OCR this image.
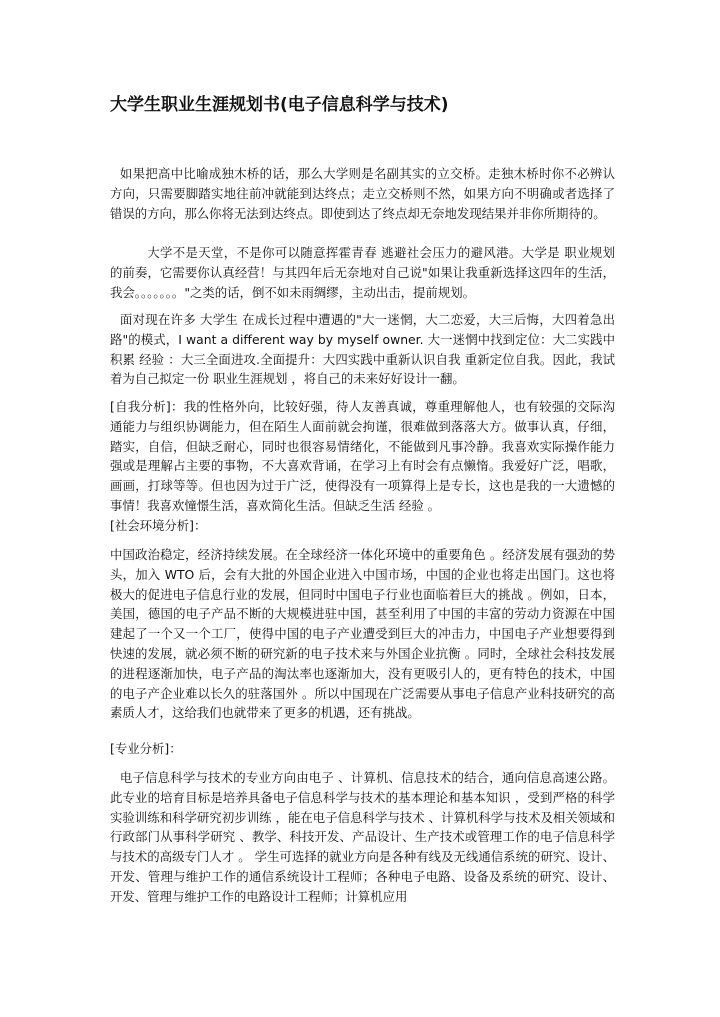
大学生职业生涯规划书(电子信息科学与技术)
如果把高中比喻成独木桥的话，那么大学则是名副其实的立交桥。走独木桥时你不必辨认方向，只需要脚踏实地往前冲就能到达终点；走立交桥则不然，如果方向不明确或者选择了错误的方向，那么你将无法到达终点。即使到达了终点却无奈地发现结果并非你所期待的。
大学不是天堂，不是你可以随意挥霍青春 逃避社会压力的避风港。大学是 职业规划 的前奏，它需要你认真经营！与其四年后无奈地对自己说"如果让我重新选择这四年的生活，我会。。。。。。。"之类的话，倒不如未雨绸缪，主动出击，提前规划。
面对现在许多 大学生 在成长过程中遭遇的"大一迷惘，大二恋爱，大三后悔，大四着急出路"的模式，I want a different way by myself owner. 大一迷惘中找到定位：大二实践中积累 经验 ：大三全面进攻.全面提升：大四实践中重新认识自我 重新定位自我。因此，我试着为自己拟定一份 职业生涯规划 ，将自己的未来好好设计一翻。
[自我分析]：我的性格外向，比较好强，待人友善真诚，尊重理解他人，也有较强的交际沟通能力与组织协调能力，但在陌生人面前就会拘谨，很难做到落落大方。做事认真，仔细，踏实，自信，但缺乏耐心，同时也很容易情绪化，不能做到凡事冷静。我喜欢实际操作能力强或是理解占主要的事物，不大喜欢背诵，在学习上有时会有点懒惰。我爱好广泛，唱歌，画画，打球等等。但也因为过于广泛，使得没有一项算得上是专长，这也是我的一大遗憾的事情！我喜欢憧憬生活，喜欢简化生活。但缺乏生活 经验 。
[社会环境分析]：
中国政治稳定，经济持续发展。在全球经济一体化环境中的重要角色 。经济发展有强劲的势头，加入 WTO 后，会有大批的外国企业进入中国市场，中国的企业也将走出国门。这也将极大的促进电子信息行业的发展，但同时中国电子行业也面临着巨大的挑战 。例如，日本，美国，德国的电子产品不断的大规模进驻中国，甚至利用了中国的丰富的劳动力资源在中国建起了一个又一个工厂，使得中国的电子产业遭受到巨大的冲击力，中国电子产业想要得到快速的发展，就必须不断的研究新的电子技术来与外国企业抗衡 。同时，全球社会科技发展的进程逐渐加快，电子产品的淘汰率也逐渐加大，没有更吸引人的，更有特色的技术，中国的电子产企业难以长久的驻落国外 。所以中国现在广泛需要从事电子信息产业科技研究的高素质人才，这给我们也就带来了更多的机遇，还有挑战。
[专业分析]：
电子信息科学与技术的专业方向由电子 、计算机、信息技术的结合，通向信息高速公路。 此专业的培育目标是培养具备电子信息科学与技术的基本理论和基本知识 ，受到严格的科学实验训练和科学研究初步训练 ，能在电子信息科学与技术 、计算机科学与技术及相关领域和行政部门从事科学研究 、教学、科技开发、产品设计、生产技术或管理工作的电子信息科学与技术的高级专门人才 。 学生可选择的就业方向是各种有线及无线通信系统的研究、设计、开发、管理与维护工作的通信系统设计工程师；各种电子电路、设备及系统的研究、设计、开发、管理与维护工作的电路设计工程师；计算机应用
